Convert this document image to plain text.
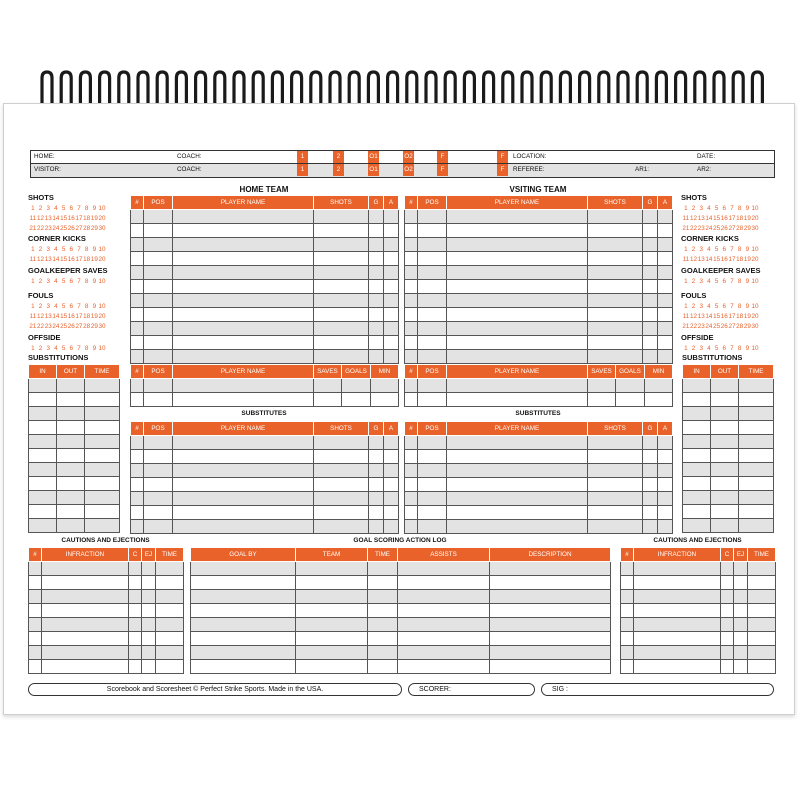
HOME:	COACH:	1	2	O1	O2	F	F	LOCATION:	DATE:
VISITOR:	COACH:	1	2	O1	O2	F	F	REFEREE:	AR1:	AR2:
SHOTS
1 2 3 4 5 6 7 8 9 10
11 12 13 14 15 16 17 18 19 20
21 22 23 24 25 26 27 28 29 30
CORNER KICKS
1 2 3 4 5 6 7 8 9 10
11 12 13 14 15 16 17 18 19 20
GOALKEEPER SAVES
1 2 3 4 5 6 7 8 9 10
FOULS
1 2 3 4 5 6 7 8 9 10
11 12 13 14 15 16 17 18 19 20
21 22 23 24 25 26 27 28 29 30
OFFSIDE
1 2 3 4 5 6 7 8 9 10
SHOTS
1 2 3 4 5 6 7 8 9 10
11 12 13 14 15 16 17 18 19 20
21 22 23 24 25 26 27 28 29 30
CORNER KICKS
1 2 3 4 5 6 7 8 9 10
11 12 13 14 15 16 17 18 19 20
GOALKEEPER SAVES
1 2 3 4 5 6 7 8 9 10
FOULS
1 2 3 4 5 6 7 8 9 10
11 12 13 14 15 16 17 18 19 20
21 22 23 24 25 26 27 28 29 30
OFFSIDE
1 2 3 4 5 6 7 8 9 10
HOME TEAM	VSITING TEAM
SUBSTITUTES	SUBSTITUTES
SUBSTITUTIONS	SUBSTITUTIONS
CAUTIONS AND EJECTIONS	CAUTIONS AND EJECTIONS
GOAL SCORING ACTION LOG
#	POS	PLAYER NAME	SHOTS	G	A

						#	POS	PLAYER NAME	SHOTS	G	A

#	POS	PLAYER NAME	SAVES	GOALS	MIN

						#	POS	PLAYER NAME	SAVES	GOALS	MIN

#	POS	PLAYER NAME	SHOTS	G	A

						#	POS	PLAYER NAME	SHOTS	G	A

IN	OUT	TIME

			IN	OUT	TIME

#	INFRACTION	C	EJ	TIME

					GOAL BY	TEAM	TIME	ASSISTS	DESCRIPTION

					#	INFRACTION	C	EJ	TIME

Scorebook and Scoresheet © Perfect Strike Sports. Made in the USA.	SCORER:	SIG :
